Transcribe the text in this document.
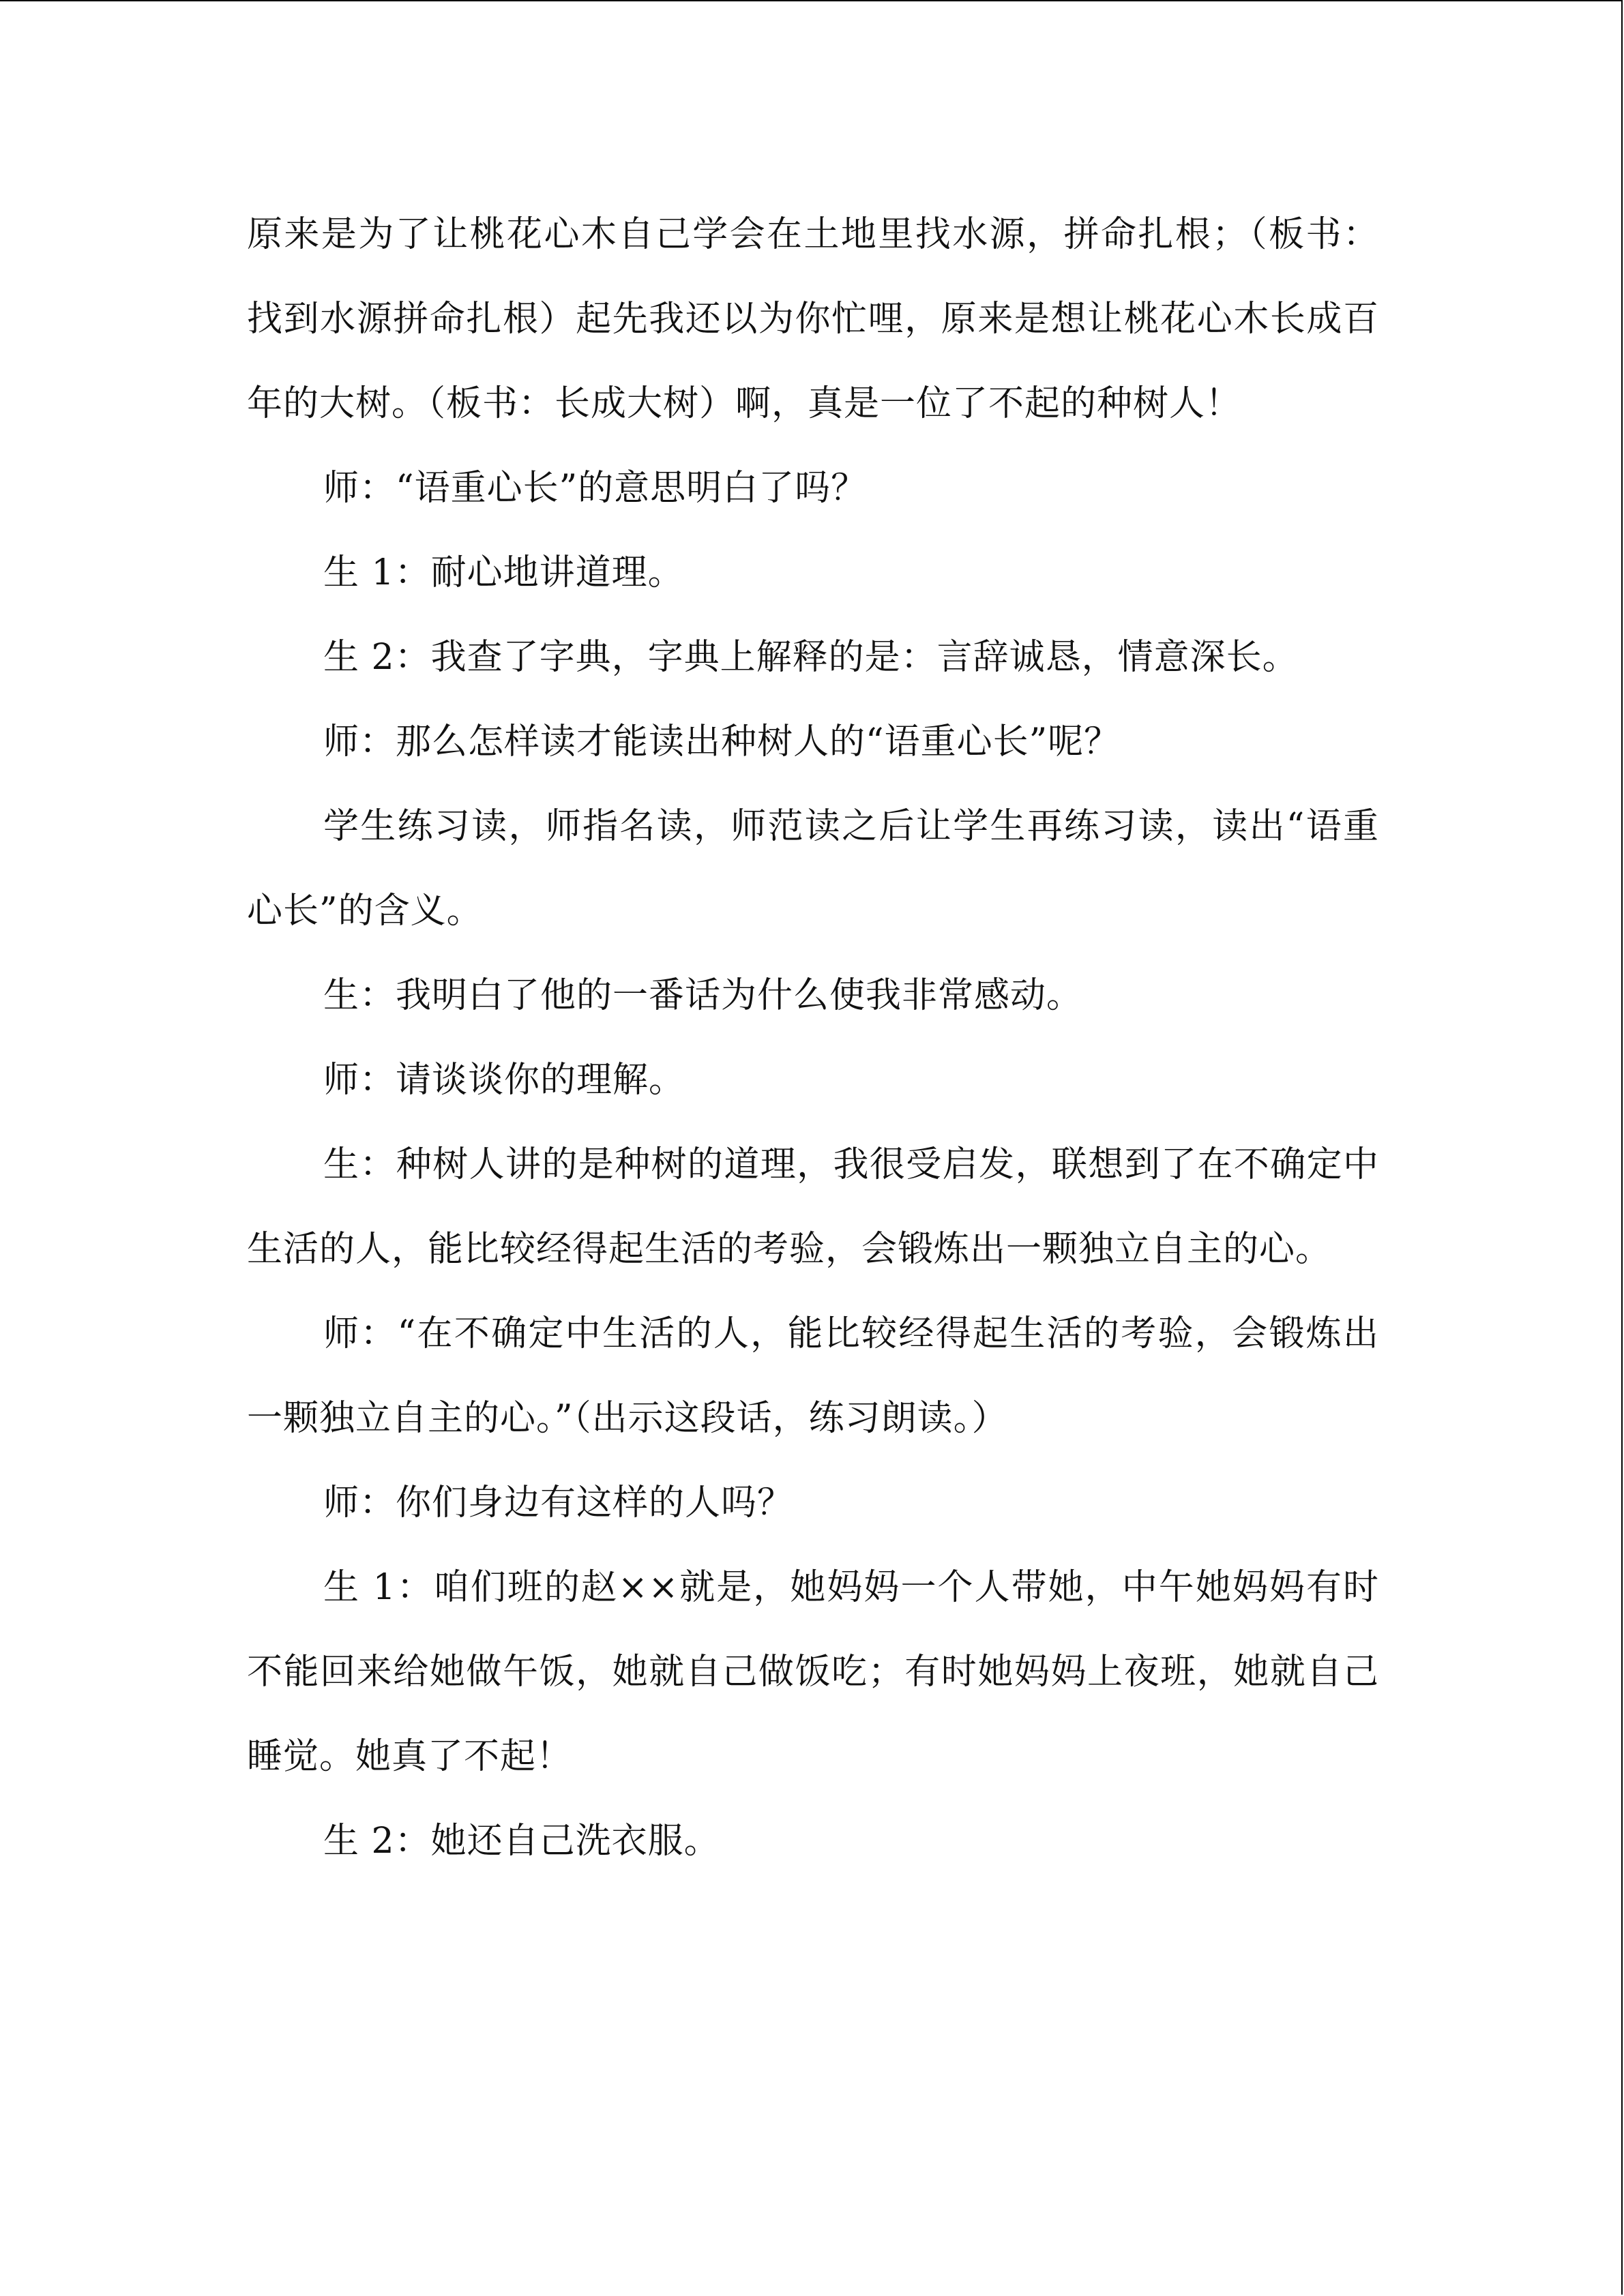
原来是为了让桃花心木自己学会在土地里找水源，拼命扎根；（板书：找到水源拼命扎根）起先我还以为你忙哩，原来是想让桃花心木长成百年的大树。（板书：长成大树）啊，真是一位了不起的种树人！

师：“语重心长”的意思明白了吗？

生 1：耐心地讲道理。

生 2：我查了字典，字典上解释的是：言辞诚恳，情意深长。

师：那么怎样读才能读出种树人的“语重心长”呢？

学生练习读，师指名读，师范读之后让学生再练习读，读出“语重心长”的含义。

生：我明白了他的一番话为什么使我非常感动。

师：请谈谈你的理解。

生：种树人讲的是种树的道理，我很受启发，联想到了在不确定中生活的人，能比较经得起生活的考验，会锻炼出一颗独立自主的心。

师：“在不确定中生活的人，能比较经得起生活的考验，会锻炼出一颗独立自主的心。”（出示这段话，练习朗读。）

师：你们身边有这样的人吗？

生 1：咱们班的赵××就是，她妈妈一个人带她，中午她妈妈有时不能回来给她做午饭，她就自己做饭吃；有时她妈妈上夜班，她就自己睡觉。她真了不起！

生 2：她还自己洗衣服。
